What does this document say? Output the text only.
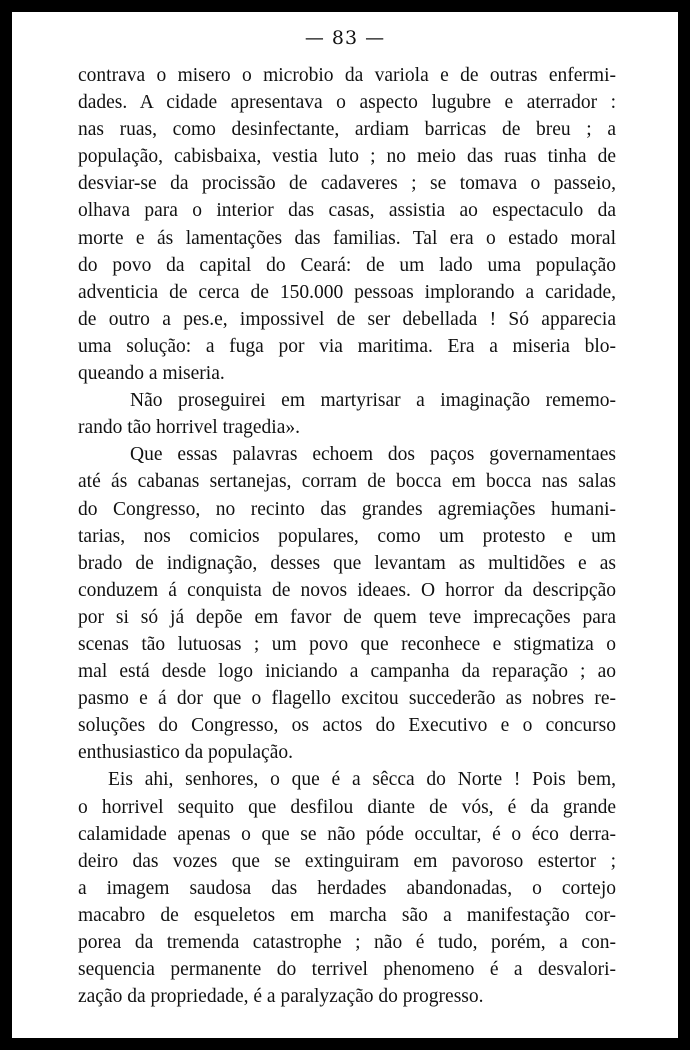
— 83 —
contrava o misero o microbio da variola e de outras enfermi-
dades. A cidade apresentava o aspecto lugubre e aterrador :
nas ruas, como desinfectante, ardiam barricas de breu ; a
população, cabisbaixa, vestia luto ; no meio das ruas tinha de
desviar-se da procissão de cadaveres ; se tomava o passeio,
olhava para o interior das casas, assistia ao espectaculo da
morte e ás lamentações das familias. Tal era o estado moral
do povo da capital do Ceará: de um lado uma população
adventicia de cerca de 150.000 pessoas implorando a caridade,
de outro a pes.e, impossivel de ser debellada ! Só apparecia
uma solução: a fuga por via maritima. Era a miseria blo-
queando a miseria.
Não proseguirei em martyrisar a imaginação rememo-
rando tão horrivel tragedia».
Que essas palavras echoem dos paços governamentaes
até ás cabanas sertanejas, corram de bocca em bocca nas salas
do Congresso, no recinto das grandes agremiações humani-
tarias, nos comicios populares, como um protesto e um
brado de indignação, desses que levantam as multidões e as
conduzem á conquista de novos ideaes. O horror da descripção
por si só já depõe em favor de quem teve imprecações para
scenas tão lutuosas ; um povo que reconhece e stigmatiza o
mal está desde logo iniciando a campanha da reparação ; ao
pasmo e á dor que o flagello excitou succederão as nobres re-
soluções do Congresso, os actos do Executivo e o concurso
enthusiastico da população.
Eis ahi, senhores, o que é a sêcca do Norte ! Pois bem,
o horrivel sequito que desfilou diante de vós, é da grande
calamidade apenas o que se não póde occultar, é o éco derra-
deiro das vozes que se extinguiram em pavoroso estertor ;
a imagem saudosa das herdades abandonadas, o cortejo
macabro de esqueletos em marcha são a manifestação cor-
porea da tremenda catastrophe ; não é tudo, porém, a con-
sequencia permanente do terrivel phenomeno é a desvalori-
zação da propriedade, é a paralyzação do progresso.
